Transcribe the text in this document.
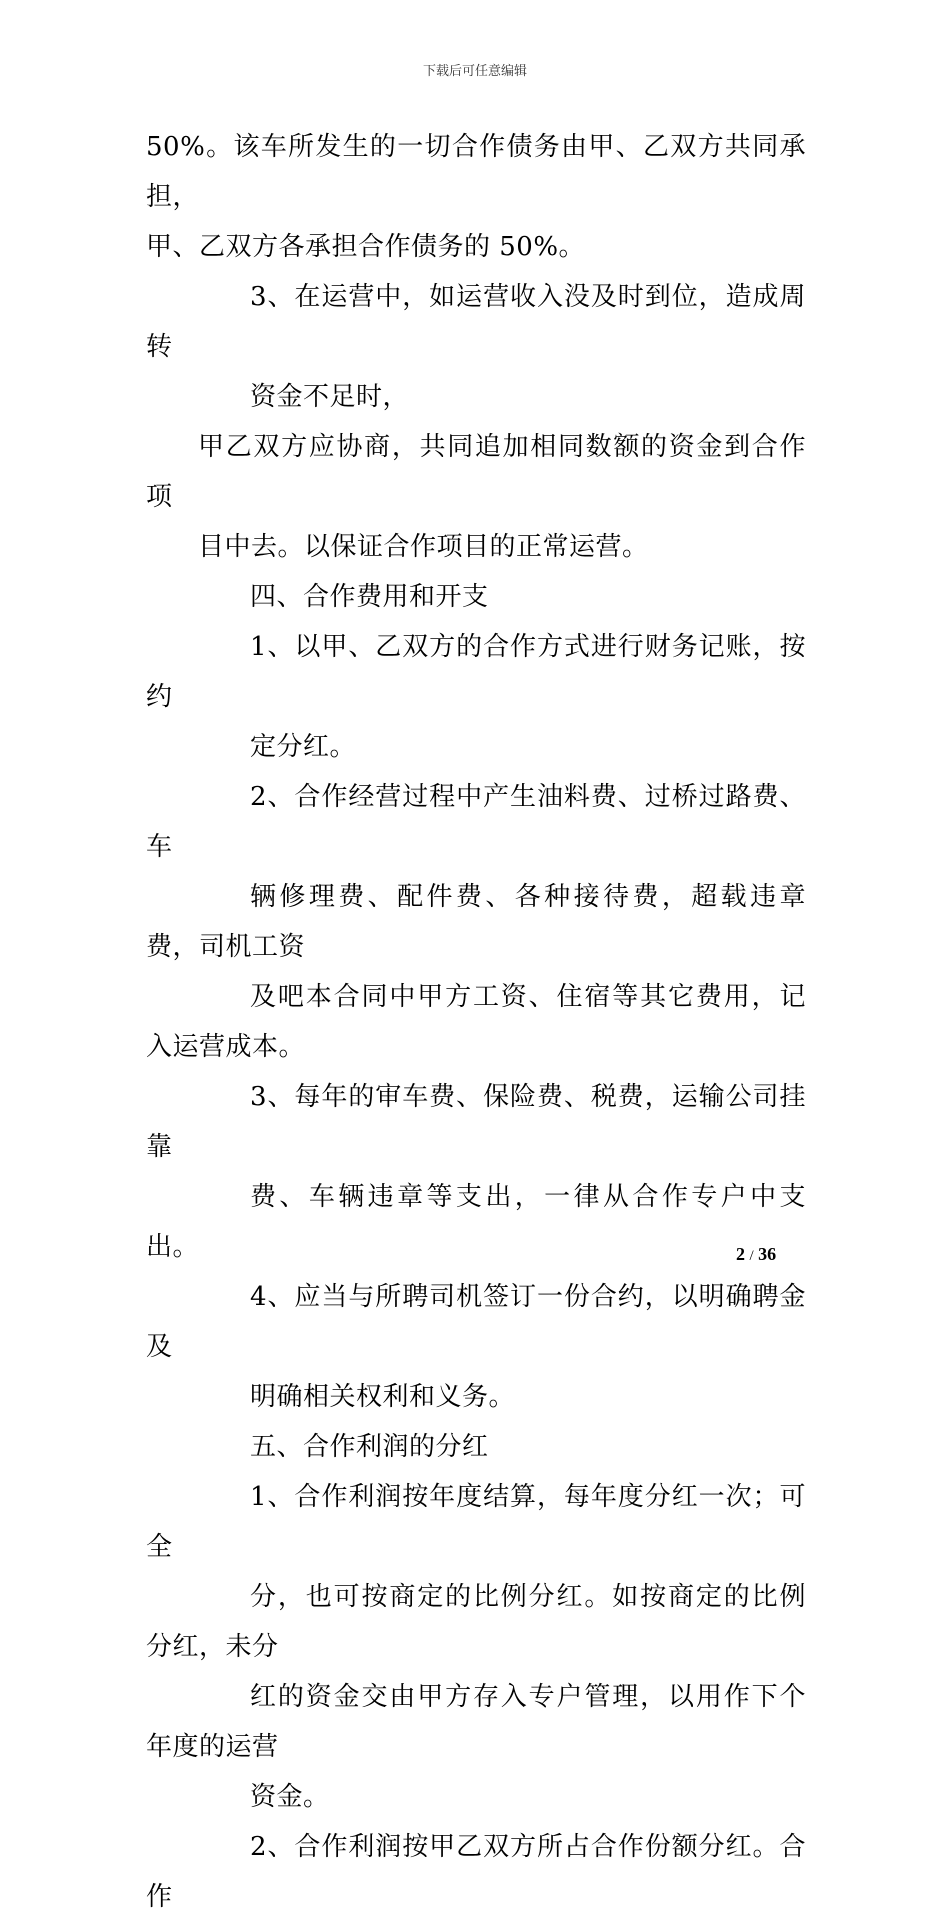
下载后可任意编辑

50%。该车所发生的一切合作债务由甲、乙双方共同承担，
甲、乙双方各承担合作债务的 50%。

3、在运营中，如运营收入没及时到位，造成周转
资金不足时，

甲乙双方应协商，共同追加相同数额的资金到合作项
目中去。以保证合作项目的正常运营。

四、合作费用和开支

1、以甲、乙双方的合作方式进行财务记账，按约
定分红。

2、合作经营过程中产生油料费、过桥过路费、车
辆修理费、配件费、各种接待费，超载违章费，司机工资
及吧本合同中甲方工资、住宿等其它费用，记入运营成本。

3、每年的审车费、保险费、税费，运输公司挂靠
费、车辆违章等支出，一律从合作专户中支出。

4、应当与所聘司机签订一份合约，以明确聘金及
明确相关权利和义务。

五、合作利润的分红

1、合作利润按年度结算，每年度分红一次；可全
分，也可按商定的比例分红。如按商定的比例分红，未分
红的资金交由甲方存入专户管理，以用作下个年度的运营
资金。

2、合作利润按甲乙双方所占合作份额分红。合作

2 / 36
